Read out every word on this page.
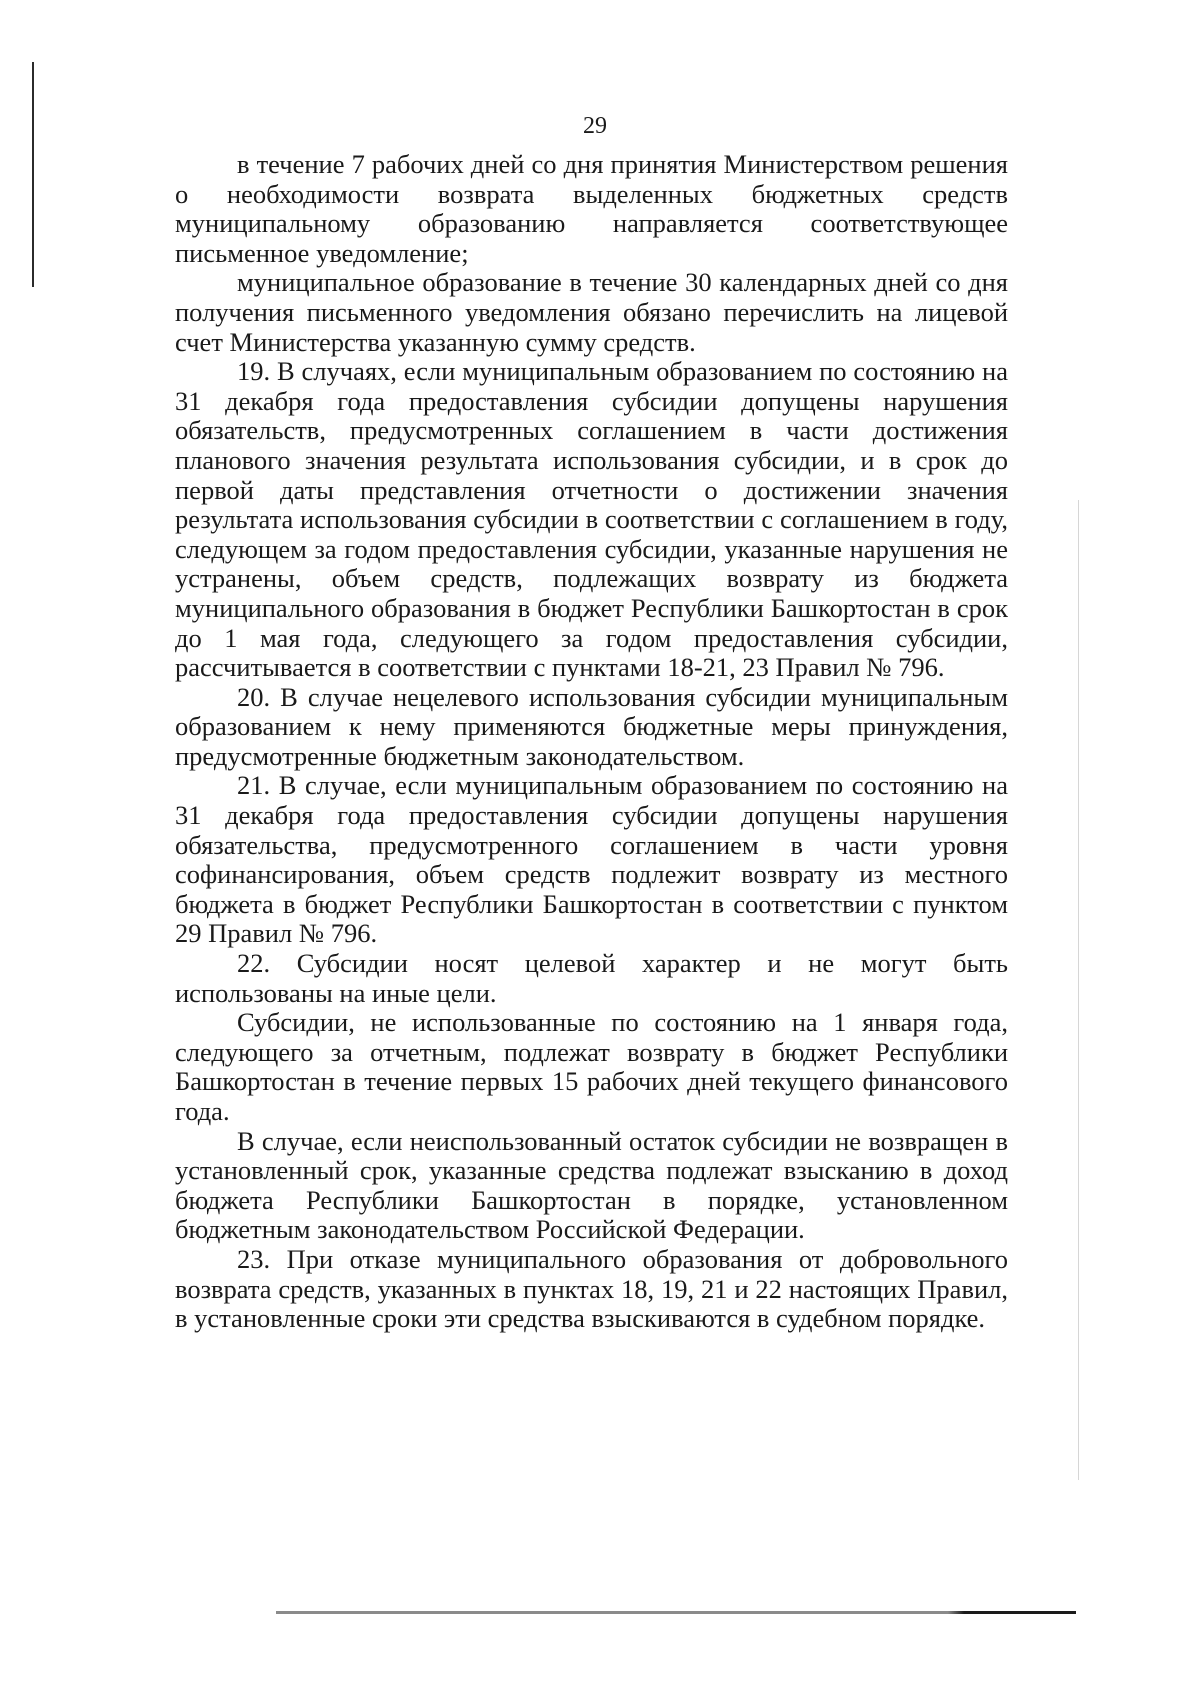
29

в течение 7 рабочих дней со дня принятия Министерством решения о необходимости возврата выделенных бюджетных средств муниципальному образованию направляется соответствующее письменное уведомление;

муниципальное образование в течение 30 календарных дней со дня получения письменного уведомления обязано перечислить на лицевой счет Министерства указанную сумму средств.

19. В случаях, если муниципальным образованием по состоянию на 31 декабря года предоставления субсидии допущены нарушения обязательств, предусмотренных соглашением в части достижения планового значения результата использования субсидии, и в срок до первой даты представления отчетности о достижении значения результата использования субсидии в соответствии с соглашением в году, следующем за годом предоставления субсидии, указанные нарушения не устранены, объем средств, подлежащих возврату из бюджета муниципального образования в бюджет Республики Башкортостан в срок до 1 мая года, следующего за годом предоставления субсидии, рассчитывается в соответствии с пунктами 18-21, 23 Правил № 796.

20. В случае нецелевого использования субсидии муниципальным образованием к нему применяются бюджетные меры принуждения, предусмотренные бюджетным законодательством.

21. В случае, если муниципальным образованием по состоянию на 31 декабря года предоставления субсидии допущены нарушения обязательства, предусмотренного соглашением в части уровня софинансирования, объем средств подлежит возврату из местного бюджета в бюджет Республики Башкортостан в соответствии с пунктом 29 Правил № 796.

22. Субсидии носят целевой характер и не могут быть использованы на иные цели.

Субсидии, не использованные по состоянию на 1 января года, следующего за отчетным, подлежат возврату в бюджет Республики Башкортостан в течение первых 15 рабочих дней текущего финансового года.

В случае, если неиспользованный остаток субсидии не возвращен в установленный срок, указанные средства подлежат взысканию в доход бюджета Республики Башкортостан в порядке, установленном бюджетным законодательством Российской Федерации.

23. При отказе муниципального образования от добровольного возврата средств, указанных в пунктах 18, 19, 21 и 22 настоящих Правил, в установленные сроки эти средства взыскиваются в судебном порядке.
